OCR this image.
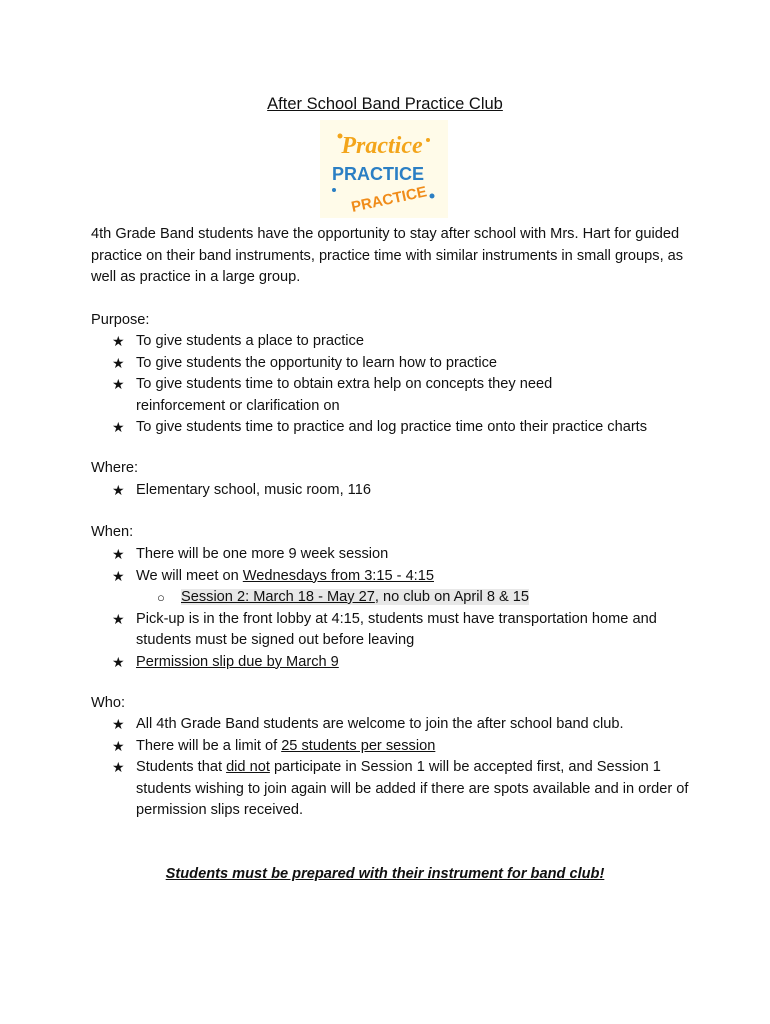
After School Band Practice Club
Practice
PRACTICE
PRACTICE
4th Grade Band students have the opportunity to stay after school with Mrs. Hart for guided practice on their band instruments, practice time with similar instruments in small groups, as well as practice in a large group.
Purpose:
★ To give students a place to practice
★ To give students the opportunity to learn how to practice
★ To give students time to obtain extra help on concepts they need reinforcement or clarification on
★ To give students time to practice and log practice time onto their practice charts
Where:
★ Elementary school, music room, 116
When:
★ There will be one more 9 week session
★ We will meet on Wednesdays from 3:15 - 4:15
○ Session 2: March 18 - May 27, no club on April 8 & 15
★ Pick-up is in the front lobby at 4:15, students must have transportation home and students must be signed out before leaving
★ Permission slip due by March 9
Who:
★ All 4th Grade Band students are welcome to join the after school band club.
★ There will be a limit of 25 students per session
★ Students that did not participate in Session 1 will be accepted first, and Session 1 students wishing to join again will be added if there are spots available and in order of permission slips received.
Students must be prepared with their instrument for band club!
